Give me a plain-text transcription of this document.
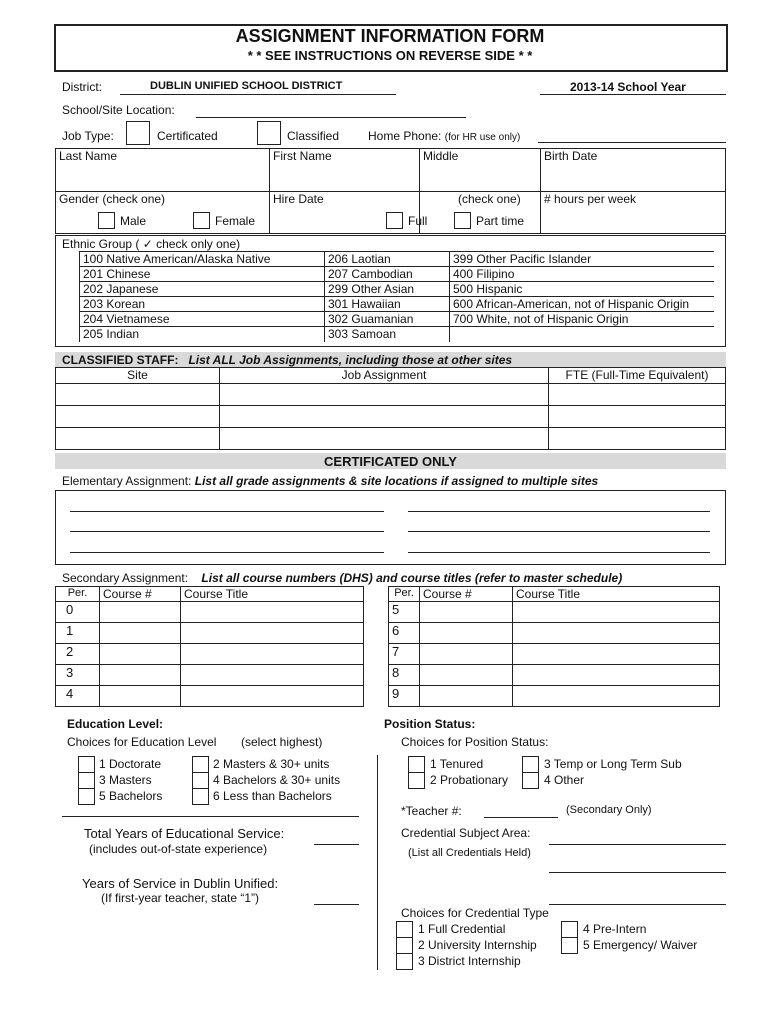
ASSIGNMENT INFORMATION FORM
* * SEE INSTRUCTIONS ON REVERSE SIDE * *
District:	DUBLIN UNIFIED SCHOOL DISTRICT	2013-14 School Year
School/Site Location:
Job Type:	Certificated	Classified Home Phone: (for HR use only)
Last Name	First Name	Middle	Birth Date
Gender (check one)	Hire Date	(check one)	# hours per week
Male	Female	Full	Part time
Ethnic Group ( ✓ check only one)
100 Native American/Alaska Native	206 Laotian	399 Other Pacific Islander
201 Chinese	207 Cambodian	400 Filipino
202 Japanese	299 Other Asian	500 Hispanic
203 Korean	301 Hawaiian	600 African-American, not of Hispanic Origin
204 Vietnamese	302 Guamanian	700 White, not of Hispanic Origin
205 Indian	303 Samoan	
CLASSIFIED STAFF: List ALL Job Assignments, including those at other sites
Site	Job Assignment	FTE (Full-Time Equivalent)

CERTIFICATED ONLY
Elementary Assignment: List all grade assignments & site locations if assigned to multiple sites
Secondary Assignment: List all course numbers (DHS) and course titles (refer to master schedule)
Per.	Course #	Course Title
0		
1		
2		
3		
4		
Per.	Course #	Course Title
5		
6		
7		
8		
9		
Education Level:
Choices for Education Level (select highest)
1 Doctorate
3 Masters
5 Bachelors
2 Masters & 30+ units
4 Bachelors & 30+ units
6 Less than Bachelors
Total Years of Educational Service:
(includes out-of-state experience)
Years of Service in Dublin Unified:
(If first-year teacher, state “1”)
Position Status:
Choices for Position Status:
1 Tenured
2 Probationary
3 Temp or Long Term Sub
4 Other
*Teacher #:	(Secondary Only)
Credential Subject Area:
(List all Credentials Held)
Choices for Credential Type
1 Full Credential
2 University Internship
3 District Internship
4 Pre-Intern
5 Emergency/ Waiver
